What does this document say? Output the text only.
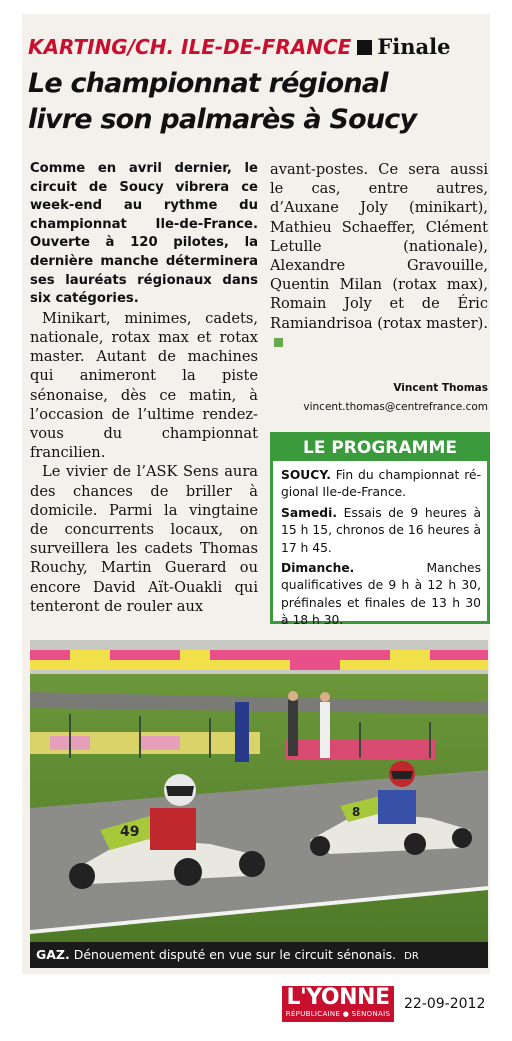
KARTING/CH. ILE-DE-FRANCE Finale
Le championnat régional
livre son palmarès à Soucy

Comme en avril dernier, le circuit de Soucy vibrera ce week-end au rythme du championnat Ile-de-France. Ouverte à 120 pilotes, la dernière manche déterminera ses lauréats régionaux dans six catégories.

Minikart, minimes, cadets, nationale, rotax max et rotax master. Autant de machines qui animeront la piste sénonaise, dès ce matin, à l’occasion de l’ultime rendez-vous du championnat francilien.

Le vivier de l’ASK Sens aura des chances de briller à domicile. Parmi la vingtaine de concurrents locaux, on surveillera les cadets Thomas Rouchy, Martin Guerard ou encore David Aït-Ouakli qui tenteront de rouler aux

avant-postes. Ce sera aussi le cas, entre autres, d’Auxane Joly (minikart), Mathieu Schaeffer, Clément Letulle (nationale), Alexandre Gravouille, Quentin Milan (rotax max), Romain Joly et de Éric Ramiandrisoa (rotax master).

Vincent Thomas
vincent.thomas@centrefrance.com
LE PROGRAMME

SOUCY. Fin du championnat régional Ile-de-France.

Samedi. Essais de 9 heures à 15 h 15, chronos de 16 heures à 17 h 45.

Dimanche. Manches qualificatives de 9 h à 12 h 30, préfinales et finales de 13 h 30 à 18 h 30.

49
8
GAZ. Dénouement disputé en vue sur le circuit sénonais. DR
L'YONNE
RÉPUBLICAINE ● SÉNONAIS
22-09-2012
